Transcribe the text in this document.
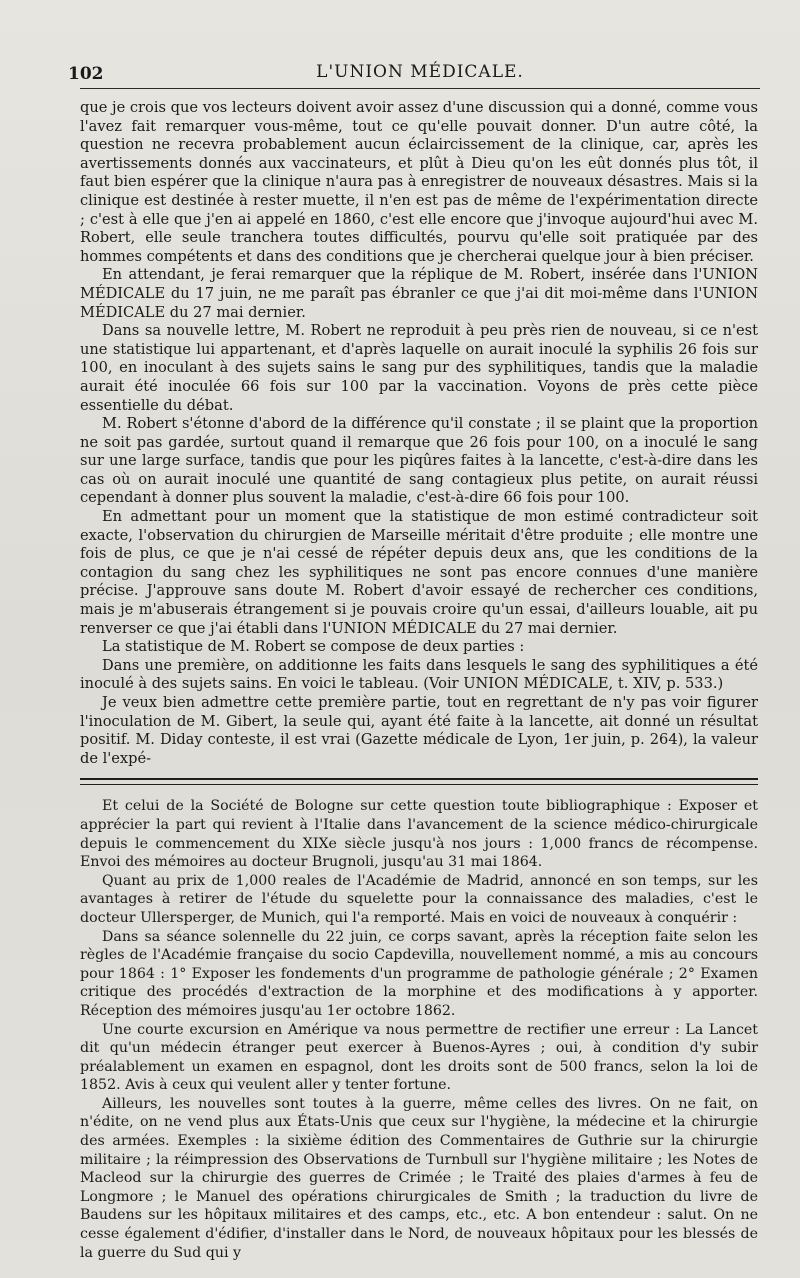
102	L'UNION MÉDICALE.

que je crois que vos lecteurs doivent avoir assez d'une discussion qui a donné, comme vous l'avez fait remarquer vous-même, tout ce qu'elle pouvait donner. D'un autre côté, la question ne recevra probablement aucun éclaircissement de la clinique, car, après les avertissements donnés aux vaccinateurs, et plût à Dieu qu'on les eût donnés plus tôt, il faut bien espérer que la clinique n'aura pas à enregistrer de nouveaux désastres. Mais si la clinique est destinée à rester muette, il n'en est pas de même de l'expérimentation directe ; c'est à elle que j'en ai appelé en 1860, c'est elle encore que j'invoque aujourd'hui avec M. Robert, elle seule tranchera toutes difficultés, pourvu qu'elle soit pratiquée par des hommes compétents et dans des conditions que je chercherai quelque jour à bien préciser.

En attendant, je ferai remarquer que la réplique de M. Robert, insérée dans l'UNION MÉDICALE du 17 juin, ne me paraît pas ébranler ce que j'ai dit moi-même dans l'UNION MÉDICALE du 27 mai dernier.

Dans sa nouvelle lettre, M. Robert ne reproduit à peu près rien de nouveau, si ce n'est une statistique lui appartenant, et d'après laquelle on aurait inoculé la syphilis 26 fois sur 100, en inoculant à des sujets sains le sang pur des syphilitiques, tandis que la maladie aurait été inoculée 66 fois sur 100 par la vaccination. Voyons de près cette pièce essentielle du débat.

M. Robert s'étonne d'abord de la différence qu'il constate ; il se plaint que la proportion ne soit pas gardée, surtout quand il remarque que 26 fois pour 100, on a inoculé le sang sur une large surface, tandis que pour les piqûres faites à la lancette, c'est-à-dire dans les cas où on aurait inoculé une quantité de sang contagieux plus petite, on aurait réussi cependant à donner plus souvent la maladie, c'est-à-dire 66 fois pour 100.

En admettant pour un moment que la statistique de mon estimé contradicteur soit exacte, l'observation du chirurgien de Marseille méritait d'être produite ; elle montre une fois de plus, ce que je n'ai cessé de répéter depuis deux ans, que les conditions de la contagion du sang chez les syphilitiques ne sont pas encore connues d'une manière précise. J'approuve sans doute M. Robert d'avoir essayé de rechercher ces conditions, mais je m'abuserais étrangement si je pouvais croire qu'un essai, d'ailleurs louable, ait pu renverser ce que j'ai établi dans l'UNION MÉDICALE du 27 mai dernier.

La statistique de M. Robert se compose de deux parties :

Dans une première, on additionne les faits dans lesquels le sang des syphilitiques a été inoculé à des sujets sains. En voici le tableau. (Voir UNION MÉDICALE, t. XIV, p. 533.)

Je veux bien admettre cette première partie, tout en regrettant de n'y pas voir figurer l'inoculation de M. Gibert, la seule qui, ayant été faite à la lancette, ait donné un résultat positif. M. Diday conteste, il est vrai (Gazette médicale de Lyon, 1er juin, p. 264), la valeur de l'expé-

Et celui de la Société de Bologne sur cette question toute bibliographique : Exposer et apprécier la part qui revient à l'Italie dans l'avancement de la science médico-chirurgicale depuis le commencement du XIXe siècle jusqu'à nos jours : 1,000 francs de récompense. Envoi des mémoires au docteur Brugnoli, jusqu'au 31 mai 1864.

Quant au prix de 1,000 reales de l'Académie de Madrid, annoncé en son temps, sur les avantages à retirer de l'étude du squelette pour la connaissance des maladies, c'est le docteur Ullersperger, de Munich, qui l'a remporté. Mais en voici de nouveaux à conquérir :

Dans sa séance solennelle du 22 juin, ce corps savant, après la réception faite selon les règles de l'Académie française du socio Capdevilla, nouvellement nommé, a mis au concours pour 1864 : 1° Exposer les fondements d'un programme de pathologie générale ; 2° Examen critique des procédés d'extraction de la morphine et des modifications à y apporter. Réception des mémoires jusqu'au 1er octobre 1862.

Une courte excursion en Amérique va nous permettre de rectifier une erreur : La Lancet dit qu'un médecin étranger peut exercer à Buenos-Ayres ; oui, à condition d'y subir préalablement un examen en espagnol, dont les droits sont de 500 francs, selon la loi de 1852. Avis à ceux qui veulent aller y tenter fortune.

Ailleurs, les nouvelles sont toutes à la guerre, même celles des livres. On ne fait, on n'édite, on ne vend plus aux États-Unis que ceux sur l'hygiène, la médecine et la chirurgie des armées. Exemples : la sixième édition des Commentaires de Guthrie sur la chirurgie militaire ; la réimpression des Observations de Turnbull sur l'hygiène militaire ; les Notes de Macleod sur la chirurgie des guerres de Crimée ; le Traité des plaies d'armes à feu de Longmore ; le Manuel des opérations chirurgicales de Smith ; la traduction du livre de Baudens sur les hôpitaux militaires et des camps, etc., etc. A bon entendeur : salut. On ne cesse également d'édifier, d'installer dans le Nord, de nouveaux hôpitaux pour les blessés de la guerre du Sud qui y
